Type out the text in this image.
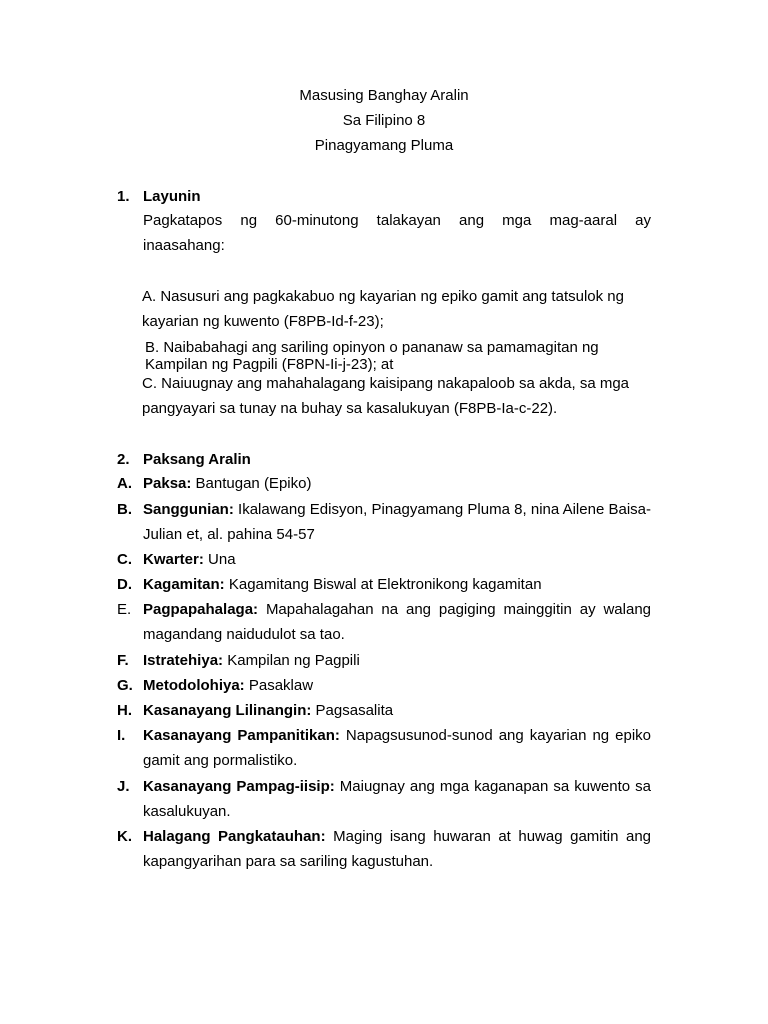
Masusing Banghay Aralin
Sa Filipino 8
Pinagyamang Pluma
1. Layunin
Pagkatapos ng 60-minutong talakayan ang mga mag-aaral ay
inaasahang:
A. Nasusuri ang pagkakabuo ng kayarian ng epiko gamit ang tatsulok ng kayarian ng kuwento (F8PB-Id-f-23);
B. Naibabahagi ang sariling opinyon o pananaw sa pamamagitan ng Kampilan ng Pagpili (F8PN-Ii-j-23); at
C. Naiuugnay ang mahahalagang kaisipang nakapaloob sa akda, sa mga pangyayari sa tunay na buhay sa kasalukuyan (F8PB-Ia-c-22).
2. Paksang Aralin
A. Paksa: Bantugan (Epiko)
B. Sanggunian: Ikalawang Edisyon, Pinagyamang Pluma 8, nina Ailene Baisa-Julian et, al. pahina 54-57
C. Kwarter: Una
D. Kagamitan: Kagamitang Biswal at Elektronikong kagamitan
E. Pagpapahalaga: Mapahalagahan na ang pagiging mainggitin ay walang magandang naidudulot sa tao.
F. Istratehiya: Kampilan ng Pagpili
G. Metodolohiya: Pasaklaw
H. Kasanayang Lilinangin: Pagsasalita
I.	Kasanayang Pampanitikan: Napagsusunod-sunod ang kayarian ng epiko gamit ang pormalistiko.
J. Kasanayang Pampag-iisip: Maiugnay ang mga kaganapan sa kuwento sa kasalukuyan.
K. Halagang Pangkatauhan: Maging isang huwaran at huwag gamitin ang kapangyarihan para sa sariling kagustuhan.
